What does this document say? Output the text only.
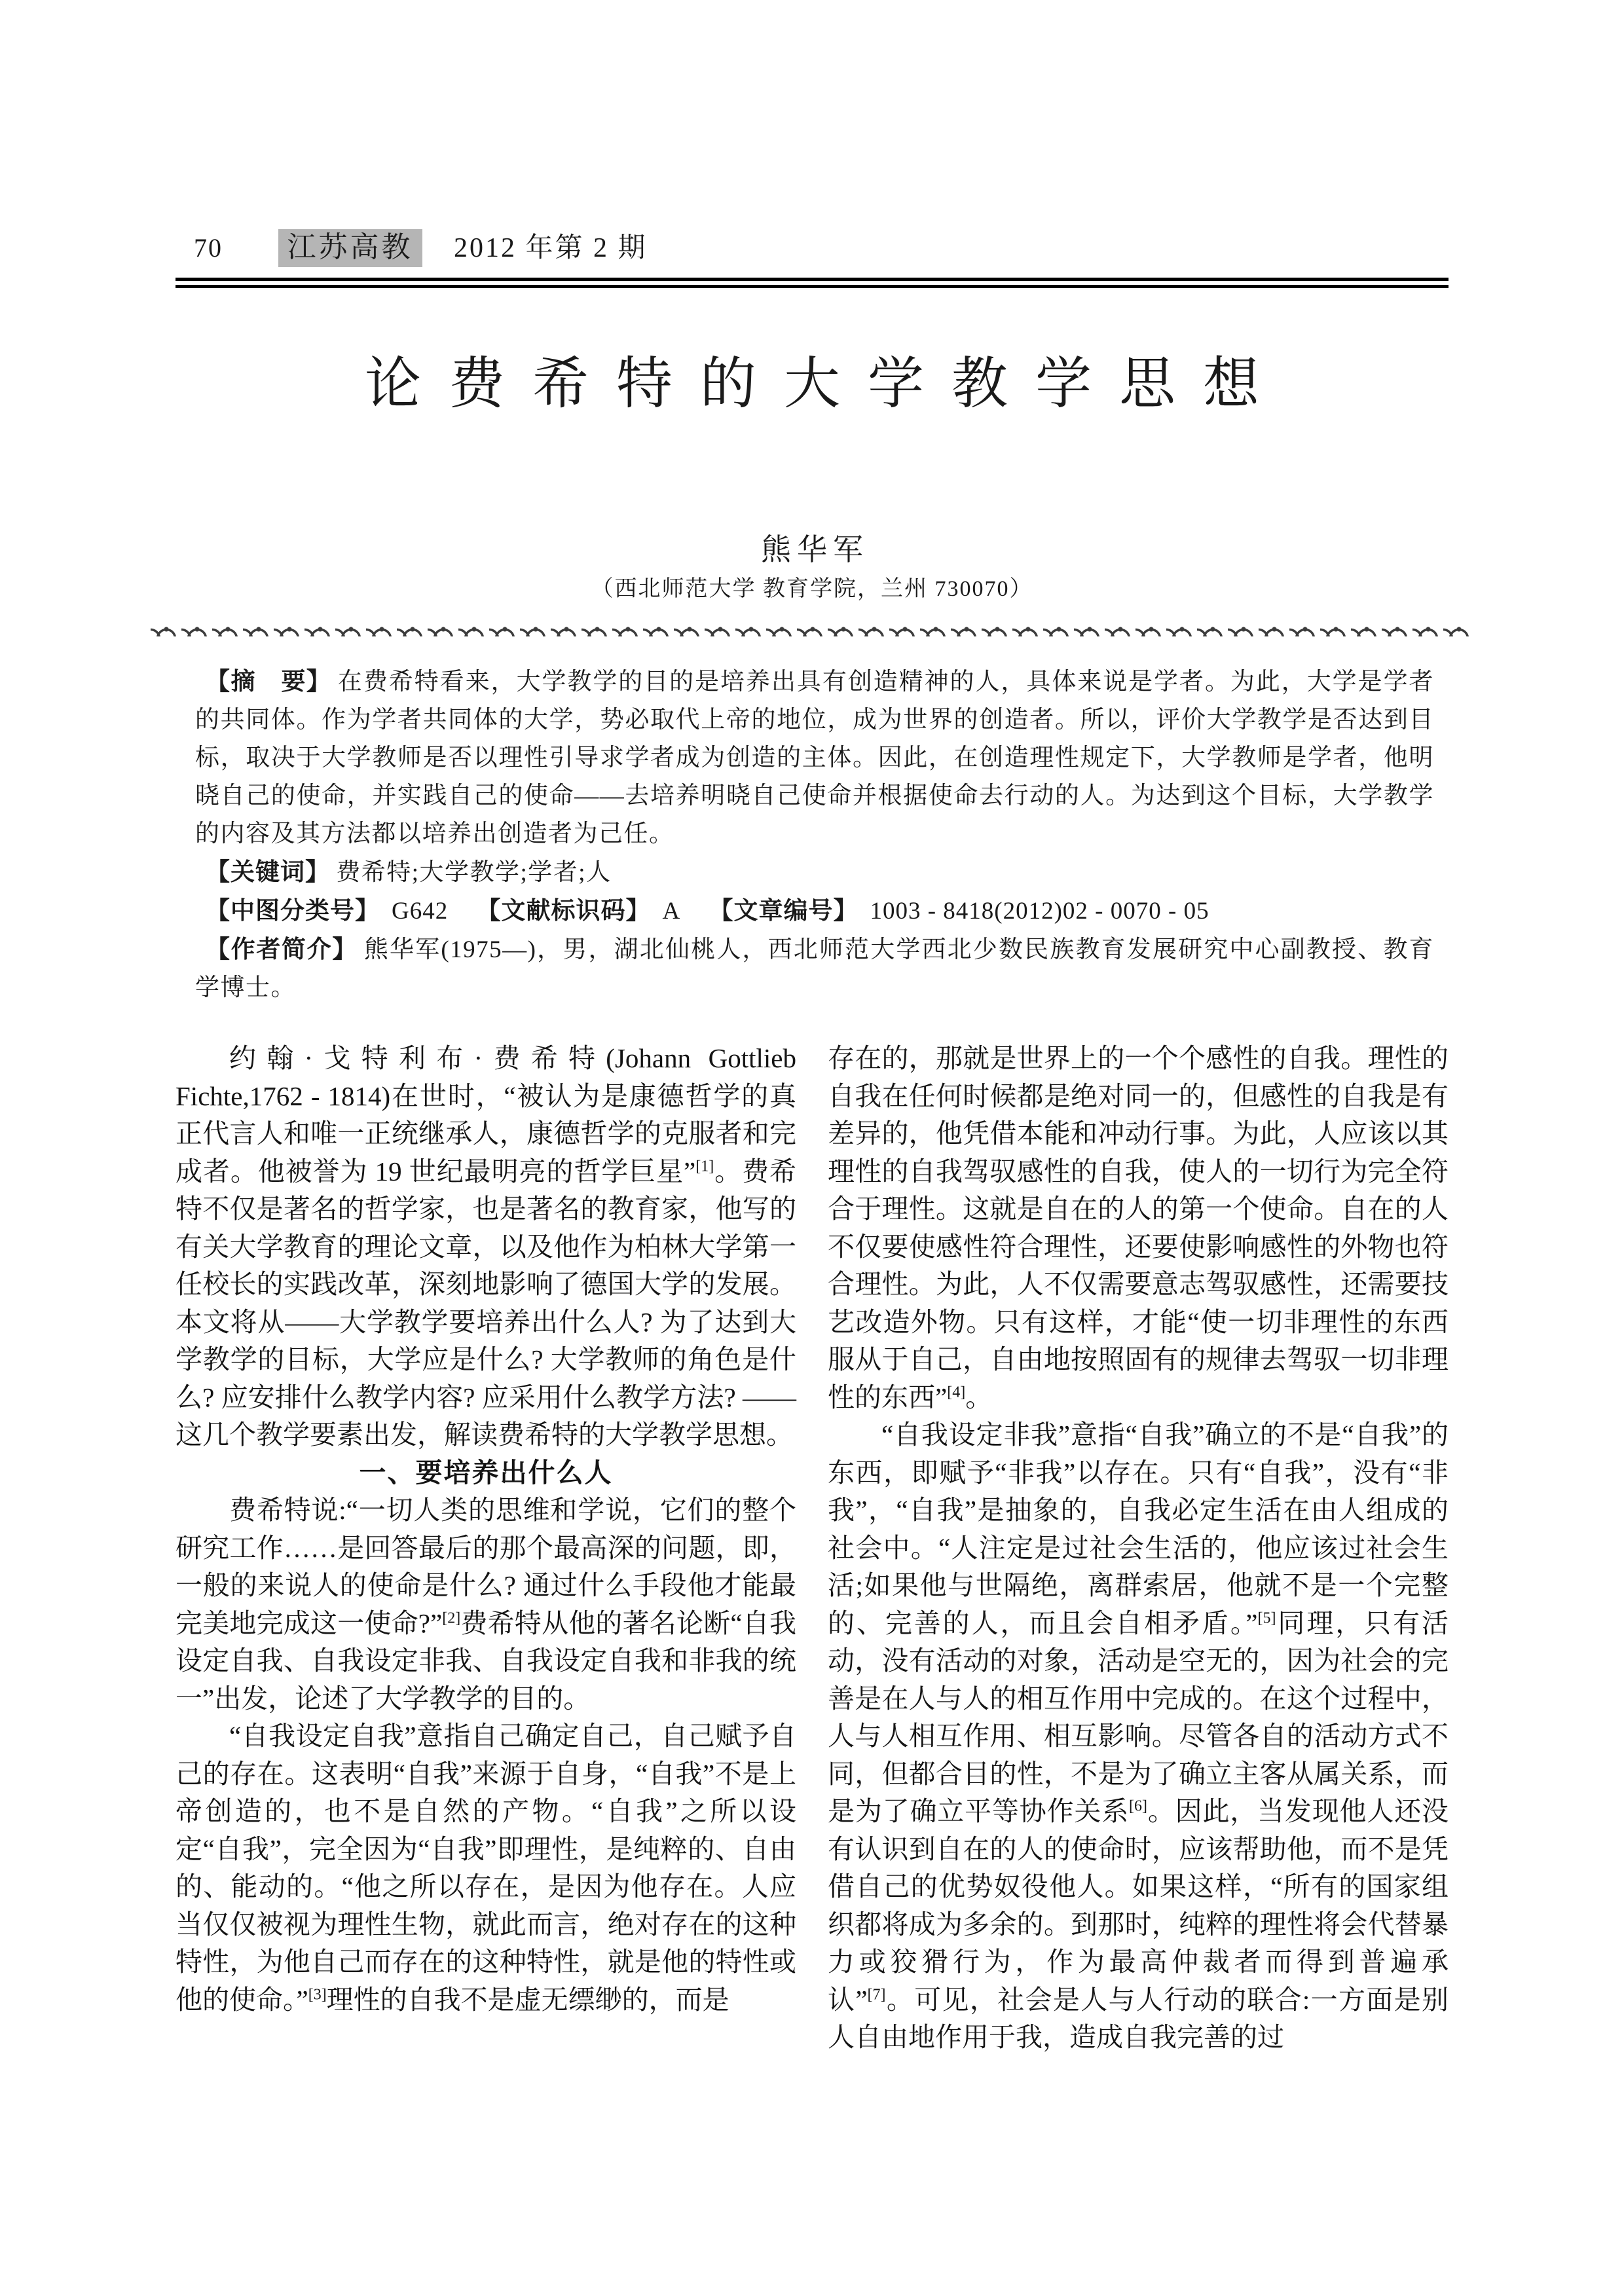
70 江苏高教 2012 年第 2 期
论费希特的大学教学思想
熊华军
（西北师范大学 教育学院，兰州 730070）

【摘　要】 在费希特看来，大学教学的目的是培养出具有创造精神的人，具体来说是学者。为此，大学是学者的共同体。作为学者共同体的大学，势必取代上帝的地位，成为世界的创造者。所以，评价大学教学是否达到目标，取决于大学教师是否以理性引导求学者成为创造的主体。因此，在创造理性规定下，大学教师是学者，他明晓自己的使命，并实践自己的使命——去培养明晓自己使命并根据使命去行动的人。为达到这个目标，大学教学的内容及其方法都以培养出创造者为己任。

【关键词】 费希特;大学教学;学者;人

【中图分类号】 G642 【文献标识码】 A 【文章编号】 1003 - 8418(2012)02 - 0070 - 05

【作者简介】 熊华军(1975—)，男，湖北仙桃人，西北师范大学西北少数民族教育发展研究中心副教授、教育学博士。

约翰·戈特利布·费希特(Johann Gottlieb Fichte,1762 - 1814)在世时，“被认为是康德哲学的真正代言人和唯一正统继承人，康德哲学的克服者和完成者。他被誉为 19 世纪最明亮的哲学巨星”[1]。费希特不仅是著名的哲学家，也是著名的教育家，他写的有关大学教育的理论文章，以及他作为柏林大学第一任校长的实践改革，深刻地影响了德国大学的发展。本文将从——大学教学要培养出什么人? 为了达到大学教学的目标，大学应是什么? 大学教师的角色是什么? 应安排什么教学内容? 应采用什么教学方法? ——这几个教学要素出发，解读费希特的大学教学思想。

一、要培养出什么人

费希特说:“一切人类的思维和学说，它们的整个研究工作……是回答最后的那个最高深的问题，即，一般的来说人的使命是什么? 通过什么手段他才能最完美地完成这一使命?”[2]费希特从他的著名论断“自我设定自我、自我设定非我、自我设定自我和非我的统一”出发，论述了大学教学的目的。

“自我设定自我”意指自己确定自己，自己赋予自己的存在。这表明“自我”来源于自身，“自我”不是上帝创造的，也不是自然的产物。“自我”之所以设定“自我”，完全因为“自我”即理性，是纯粹的、自由的、能动的。“他之所以存在，是因为他存在。人应当仅仅被视为理性生物，就此而言，绝对存在的这种特性，为他自己而存在的这种特性，就是他的特性或他的使命。”[3]理性的自我不是虚无缥缈的，而是

存在的，那就是世界上的一个个感性的自我。理性的自我在任何时候都是绝对同一的，但感性的自我是有差异的，他凭借本能和冲动行事。为此，人应该以其理性的自我驾驭感性的自我，使人的一切行为完全符合于理性。这就是自在的人的第一个使命。自在的人不仅要使感性符合理性，还要使影响感性的外物也符合理性。为此，人不仅需要意志驾驭感性，还需要技艺改造外物。只有这样，才能“使一切非理性的东西服从于自己，自由地按照固有的规律去驾驭一切非理性的东西”[4]。

“自我设定非我”意指“自我”确立的不是“自我”的东西，即赋予“非我”以存在。只有“自我”，没有“非我”，“自我”是抽象的，自我必定生活在由人组成的社会中。“人注定是过社会生活的，他应该过社会生活;如果他与世隔绝，离群索居，他就不是一个完整的、完善的人，而且会自相矛盾。”[5]同理，只有活动，没有活动的对象，活动是空无的，因为社会的完善是在人与人的相互作用中完成的。在这个过程中，人与人相互作用、相互影响。尽管各自的活动方式不同，但都合目的性，不是为了确立主客从属关系，而是为了确立平等协作关系[6]。因此，当发现他人还没有认识到自在的人的使命时，应该帮助他，而不是凭借自己的优势奴役他人。如果这样，“所有的国家组织都将成为多余的。到那时，纯粹的理性将会代替暴力或狡猾行为，作为最高仲裁者而得到普遍承认”[7]。可见，社会是人与人行动的联合:一方面是别人自由地作用于我，造成自我完善的过
